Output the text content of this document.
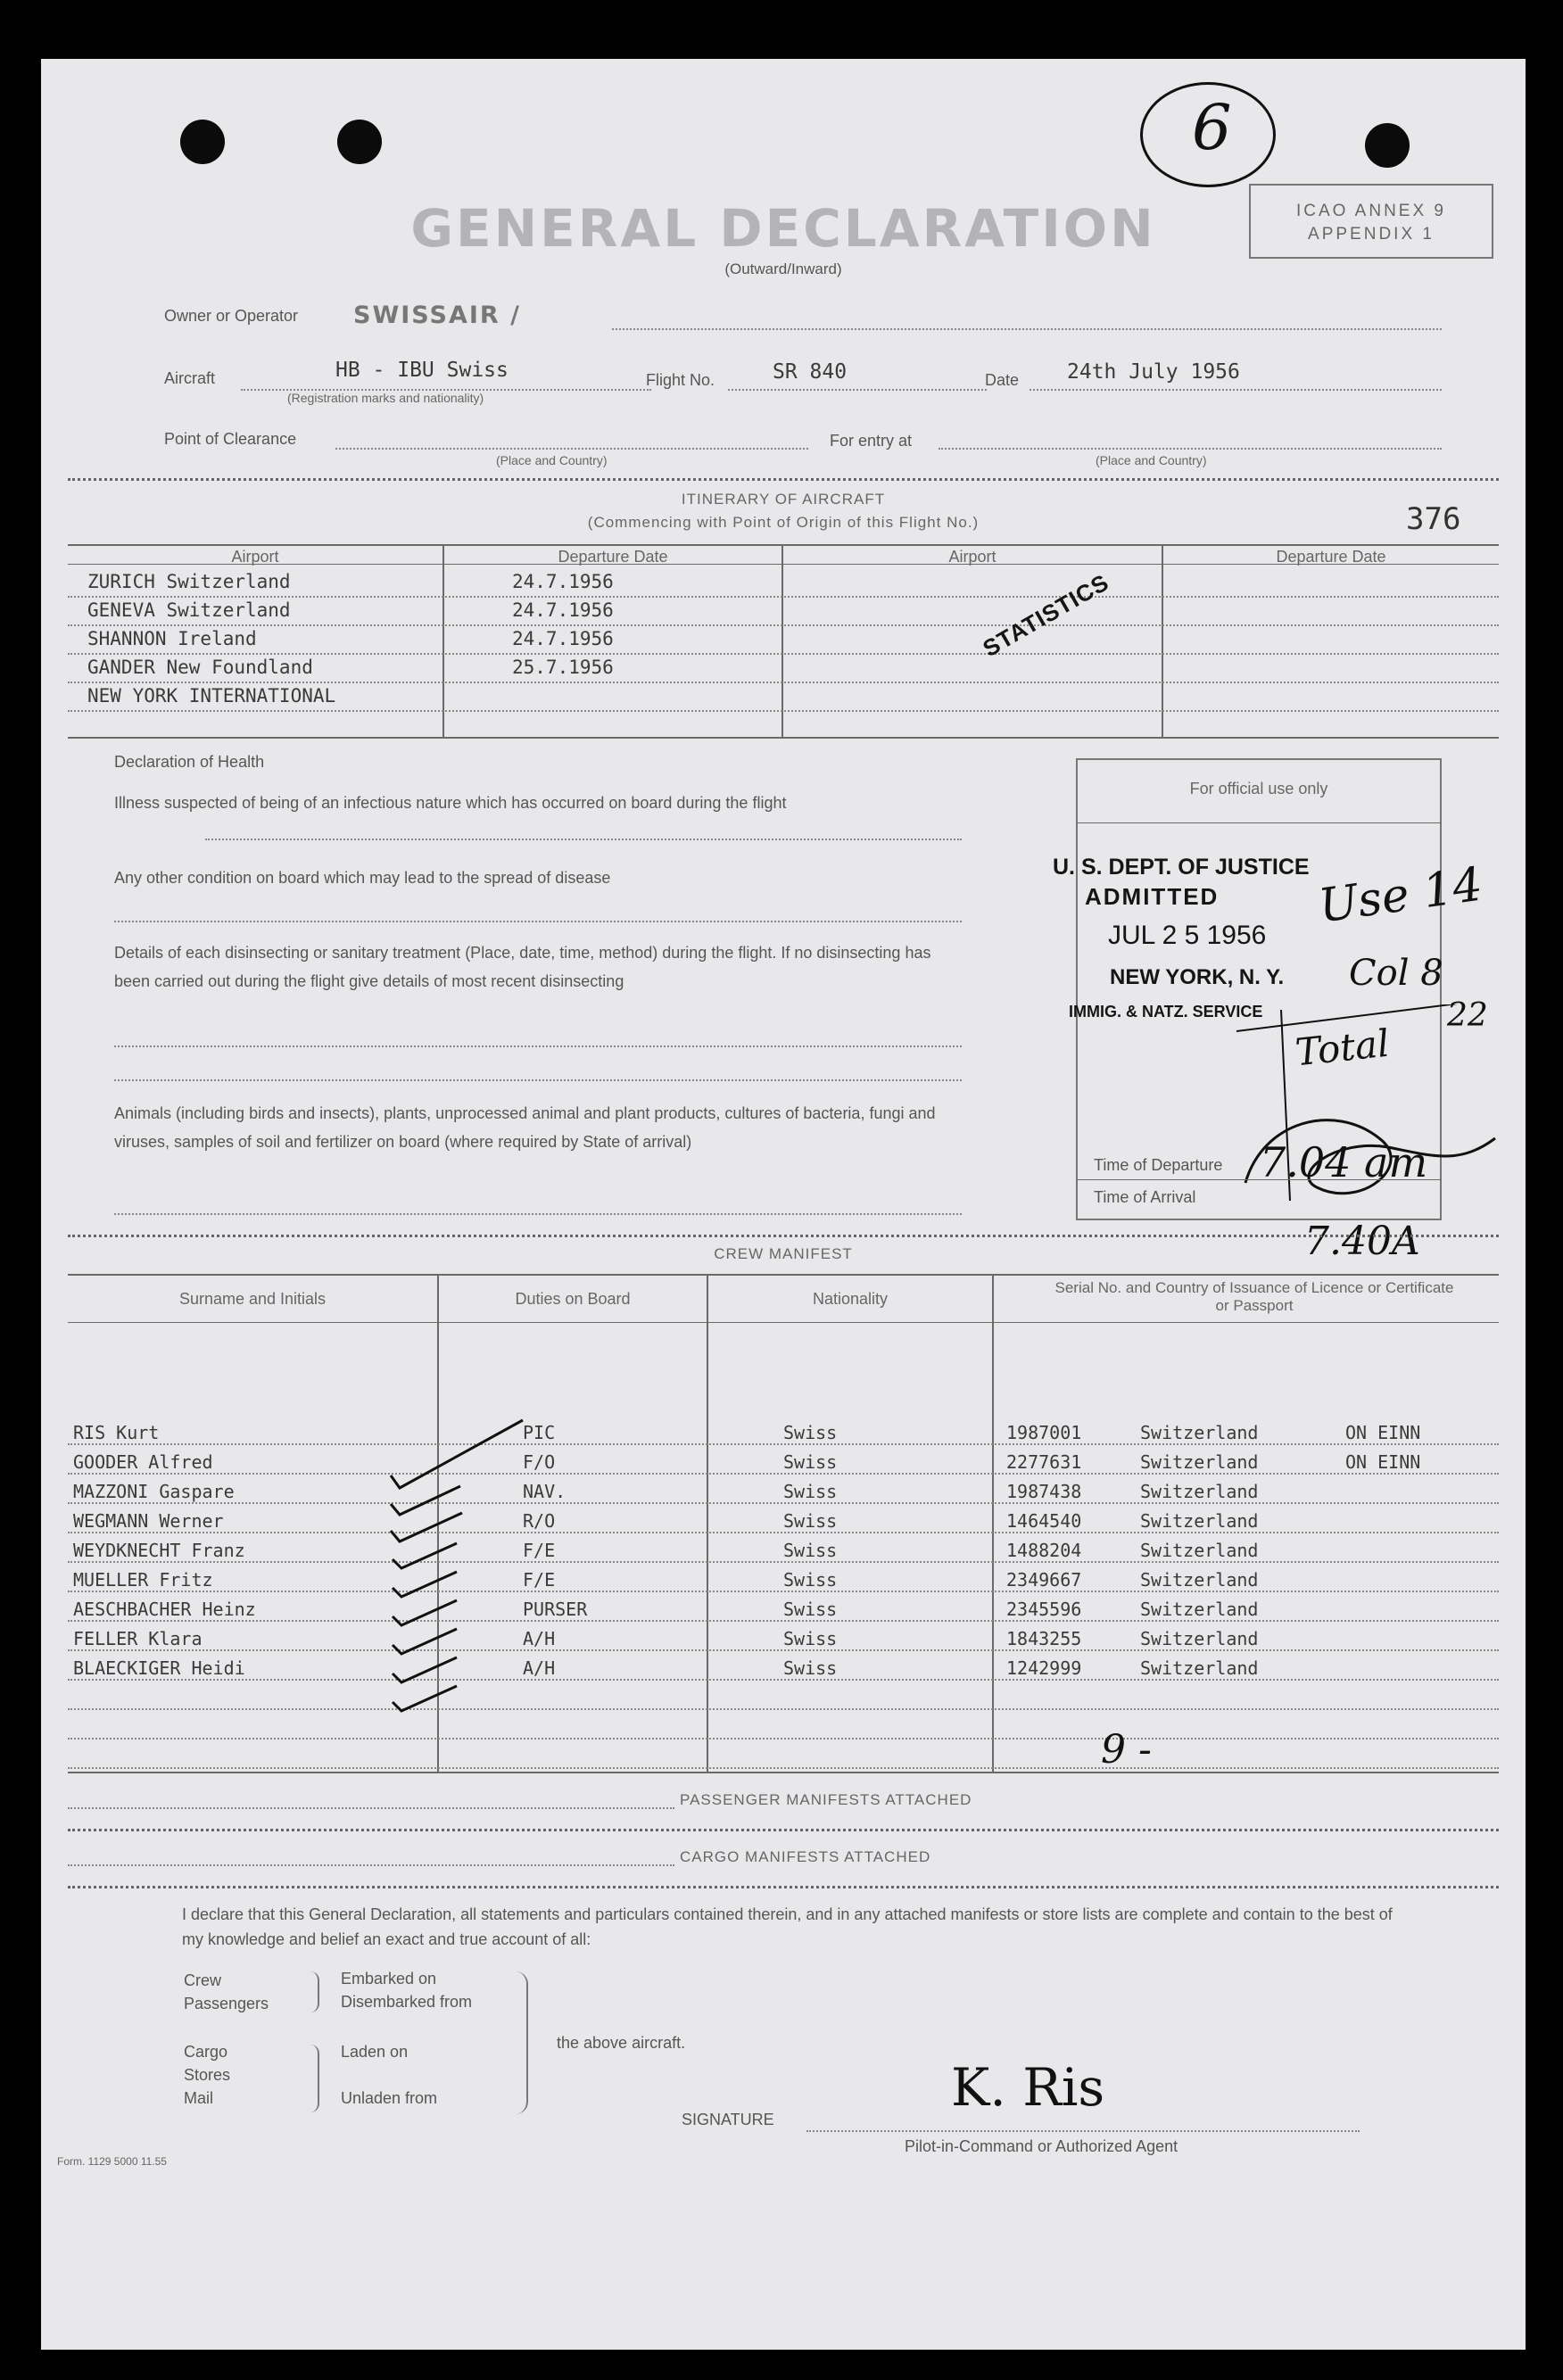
6
GENERAL DECLARATION
(Outward/Inward)
ICAO ANNEX 9
APPENDIX 1
Owner or Operator SWISSAIR /
Aircraft	HB - IBU Swiss
(Registration marks and nationality)
Flight No.	SR 840	Date 24th July 1956
Point of Clearance
(Place and Country)
For entry at
(Place and Country)
ITINERARY OF AIRCRAFT
(Commencing with Point of Origin of this Flight No.)	376
Airport	Departure Date	Airport	Departure Date
ZURICH Switzerland	24.7.1956
GENEVA Switzerland	24.7.1956
SHANNON Ireland	24.7.1956
GANDER New Foundland	25.7.1956
NEW YORK INTERNATIONAL
STATISTICS
Declaration of Health
Illness suspected of being of an infectious nature which has occurred on board during the flight
Any other condition on board which may lead to the spread of disease
Details of each disinsecting or sanitary treatment (Place, date, time, method) during the flight. If no disinsecting has been carried out during the flight give details of most recent disinsecting
Animals (including birds and insects), plants, unprocessed animal and plant products, cultures of bacteria, fungi and viruses, samples of soil and fertilizer on board (where required by State of arrival)
For official use only
U. S. DEPT. OF JUSTICE
ADMITTED
JUL 2 5 1956
NEW YORK, N. Y.
IMMIG. & NATZ. SERVICE
Use 14
Col 8
22
Total
Time of Departure
Time of Arrival
7.04 am
7.40A
CREW MANIFEST
Surname and Initials	Duties on Board	Nationality
Serial No. and Country of Issuance of Licence or Certificate or Passport
RIS Kurt	PIC	Swiss	1987001	Switzerland	ON EINN
GOODER Alfred	F/O	Swiss	2277631	Switzerland	ON EINN
MAZZONI Gaspare	NAV.	Swiss	1987438	Switzerland
WEGMANN Werner	R/O	Swiss	1464540	Switzerland
WEYDKNECHT Franz	F/E	Swiss	1488204	Switzerland
MUELLER Fritz	F/E	Swiss	2349667	Switzerland
AESCHBACHER Heinz	PURSER	Swiss	2345596	Switzerland
FELLER Klara	A/H	Swiss	1843255	Switzerland
BLAECKIGER Heidi	A/H	Swiss	1242999	Switzerland
9 -
PASSENGER MANIFESTS ATTACHED
CARGO MANIFESTS ATTACHED
I declare that this General Declaration, all statements and particulars contained therein, and in any attached manifests or store lists are complete and contain to the best of my knowledge and belief an exact and true account of all:
Crew
Passengers
Embarked on
Disembarked from
Cargo
Stores
Mail
Laden on
Unladen from
the above aircraft.
SIGNATURE
K. Ris
Pilot-in-Command or Authorized Agent
Form. 1129 5000 11.55
